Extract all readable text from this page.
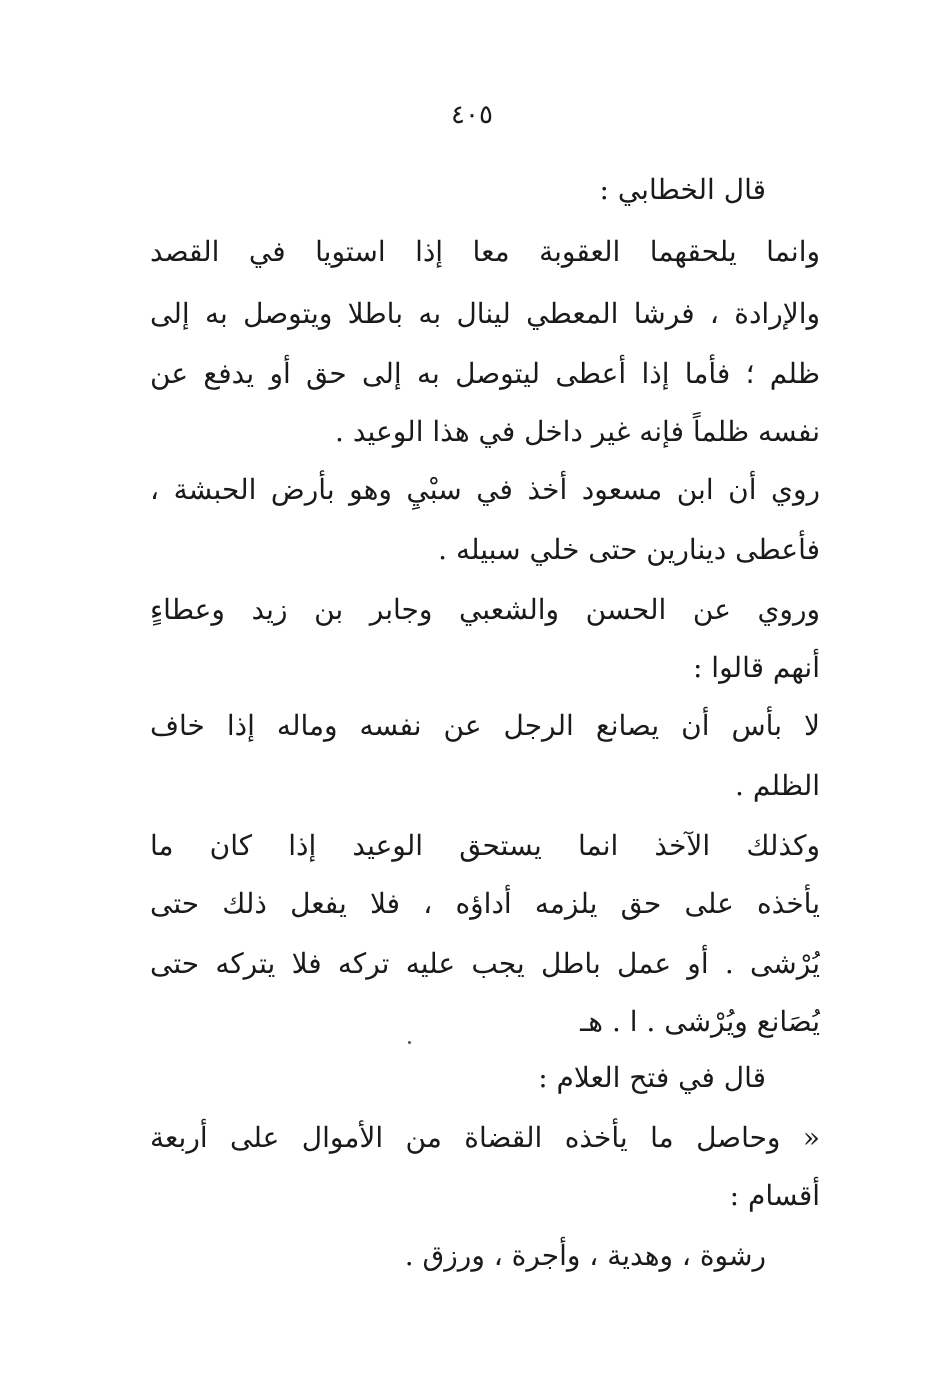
٤٠٥
قال الخطابي :
وانما يلحقهما العقوبة معا إذا استويا في القصد
والإرادة ، فرشا المعطي لينال به باطلا ويتوصل به إلى
ظلم ؛ فأما إذا أعطى ليتوصل به إلى حق أو يدفع عن
نفسه ظلماً فإنه غير داخل في هذا الوعيد .
روي أن ابن مسعود أُخذ في سبْيٍ وهو بأَرض الحبشة ،
فأَعطى دينارين حتى خلي سبيله .
وروي عن الحسن والشعبي وجابر بن زيد وعطاءٍ
أنهم قالوا :
لا بأْس أن يصانع الرجل عن نفسه وماله إذا خاف
الظلم .
وكذلك الآخذ انما يستحق الوعيد إذا كان ما
يأْخذه على حق يلزمه أداؤه ، فلا يفعل ذلك حتى
يُرْشى . أو عمل باطل يجب عليه تركه فلا يتركه حتى
يُصَانع ويُرْشى . ا . هـ
قال في فتح العلام :
« وحاصل ما يأْخذه القضاة من الأموال على أربعة
أقسام :
رشوة ، وهدية ، وأجرة ، ورزق .
